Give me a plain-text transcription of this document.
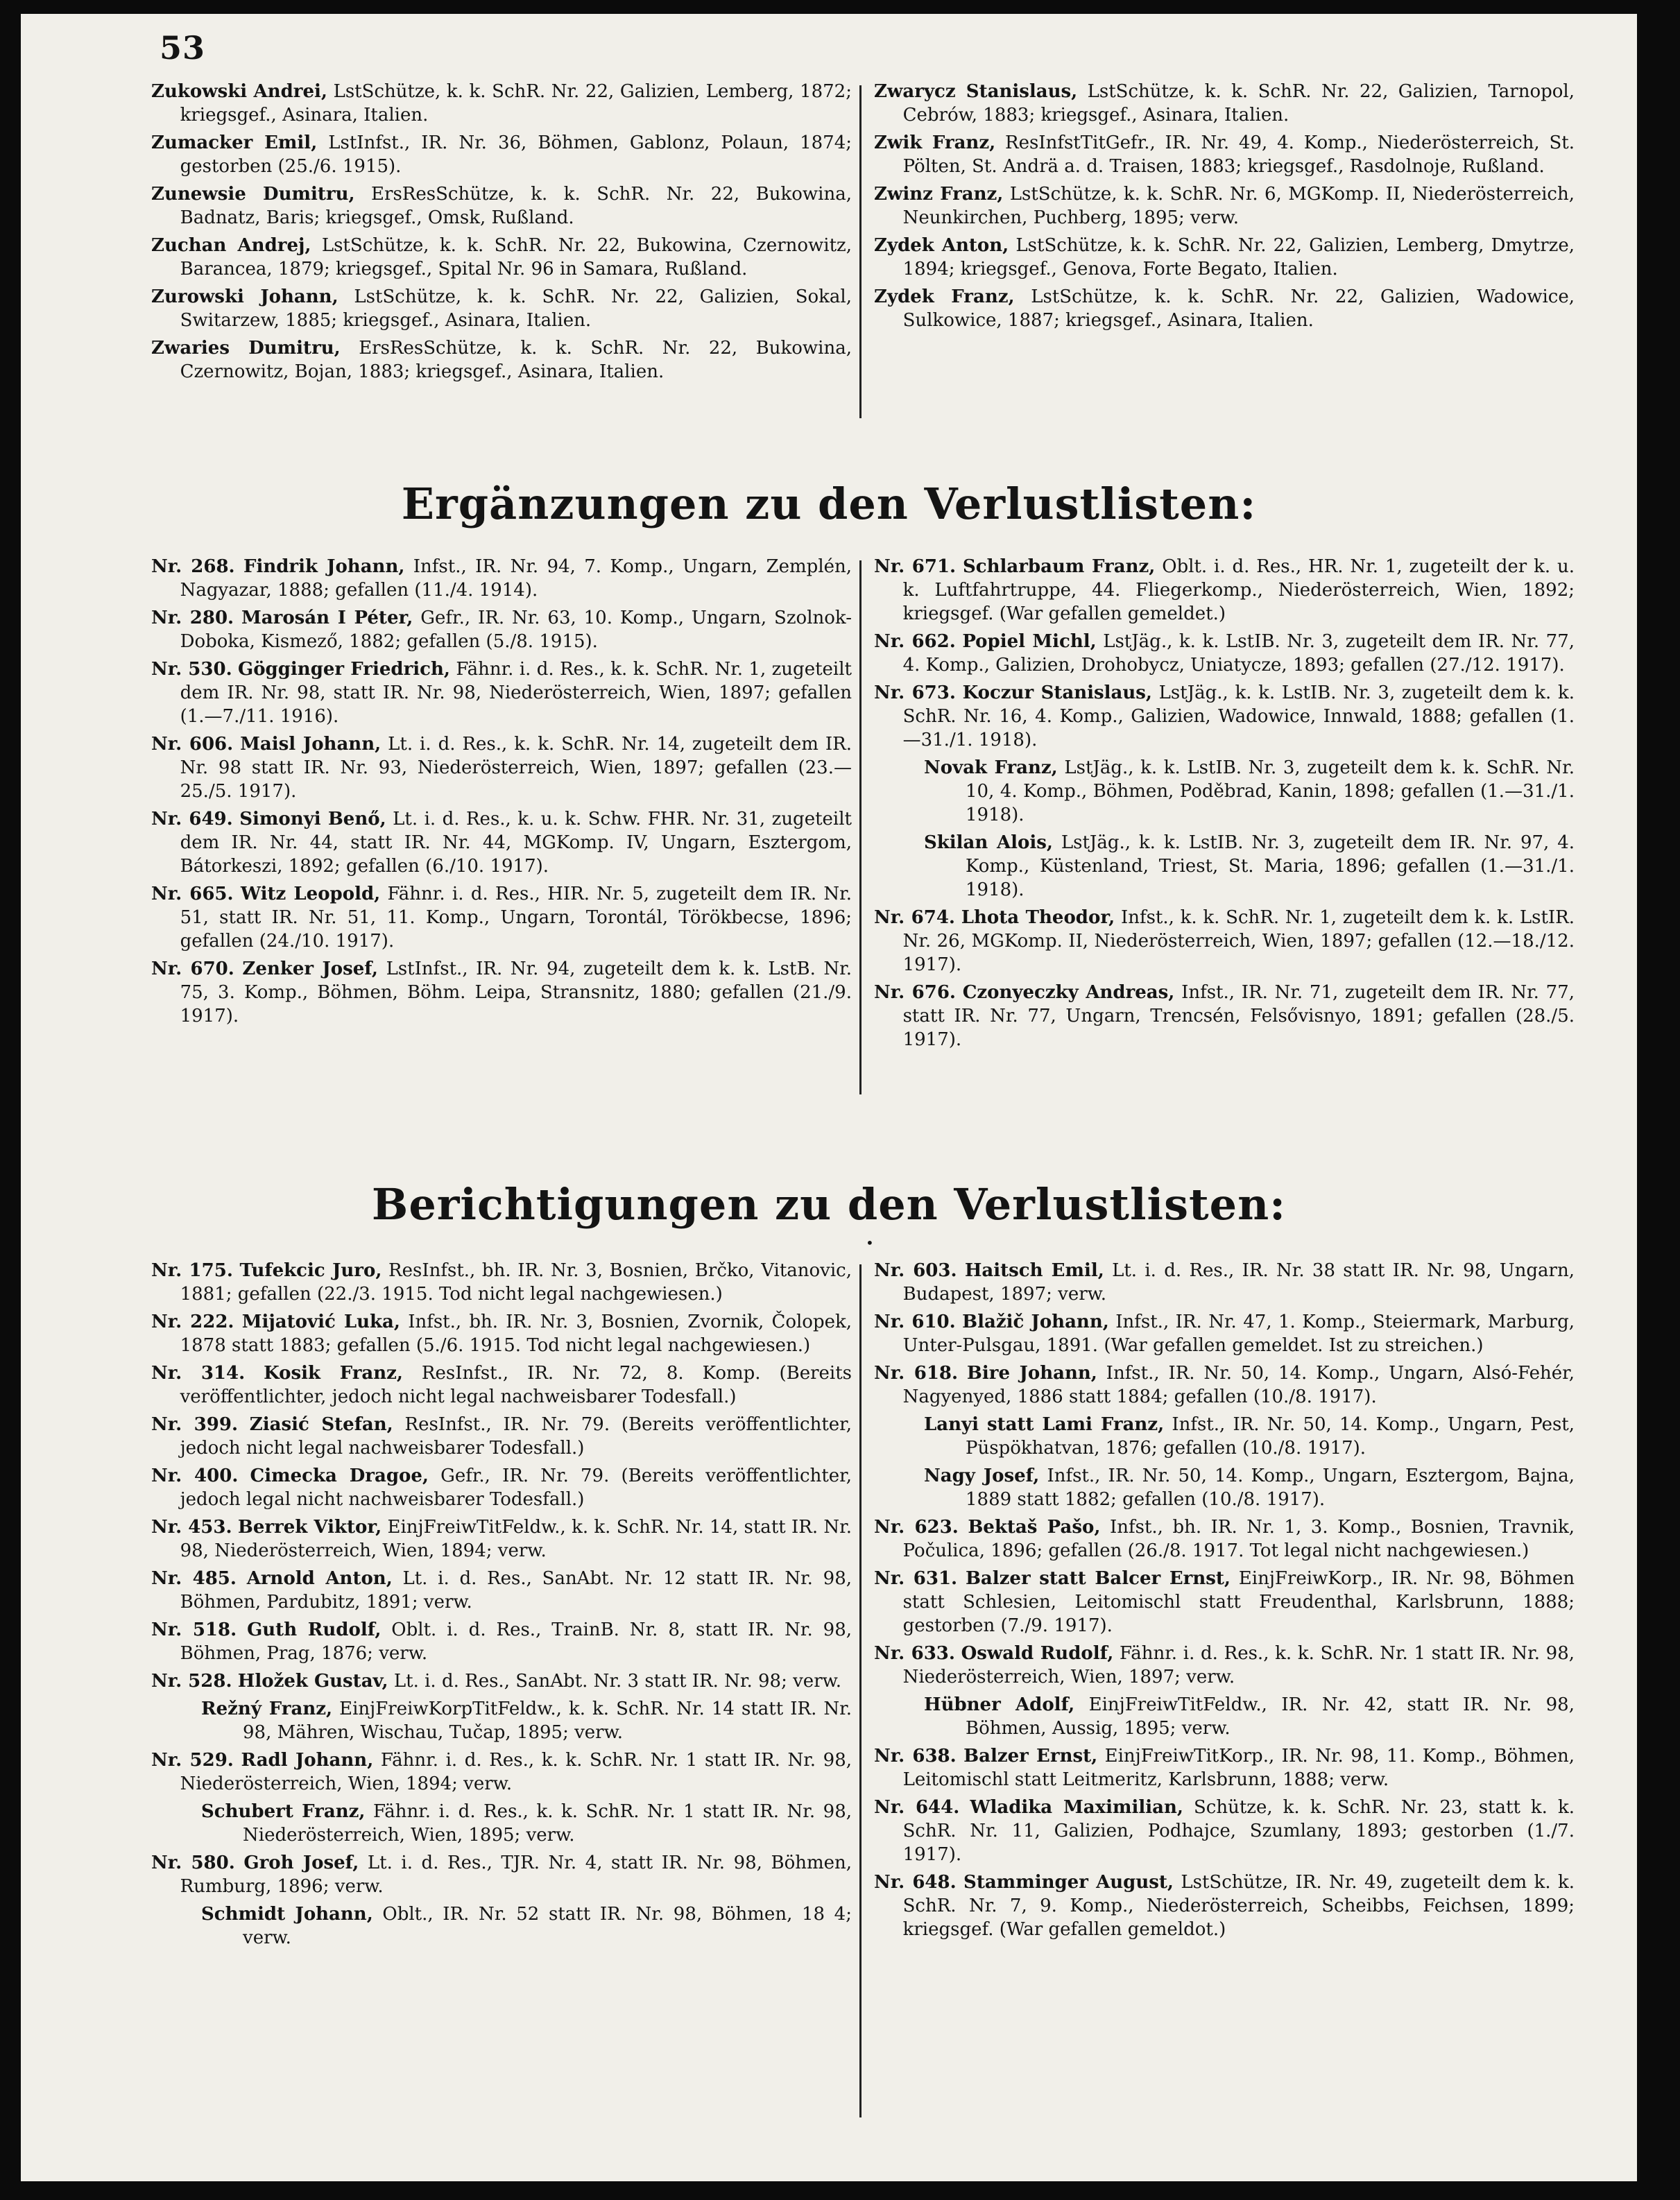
53

Zukowski Andrei, LstSchütze, k. k. SchR. Nr. 22, Galizien, Lemberg, 1872; kriegsgef., Asinara, Italien.

Zumacker Emil, LstInfst., IR. Nr. 36, Böhmen, Gablonz, Polaun, 1874; gestorben (25./6. 1915).

Zunewsie Dumitru, ErsResSchütze, k. k. SchR. Nr. 22, Bukowina, Badnatz, Baris; kriegsgef., Omsk, Rußland.

Zuchan Andrej, LstSchütze, k. k. SchR. Nr. 22, Bukowina, Czernowitz, Barancea, 1879; kriegsgef., Spital Nr. 96 in Samara, Rußland.

Zurowski Johann, LstSchütze, k. k. SchR. Nr. 22, Galizien, Sokal, Switarzew, 1885; kriegsgef., Asinara, Italien.

Zwaries Dumitru, ErsResSchütze, k. k. SchR. Nr. 22, Bukowina, Czernowitz, Bojan, 1883; kriegsgef., Asinara, Italien.

Zwarycz Stanislaus, LstSchütze, k. k. SchR. Nr. 22, Galizien, Tarnopol, Cebrów, 1883; kriegsgef., Asinara, Italien.

Zwik Franz, ResInfstTitGefr., IR. Nr. 49, 4. Komp., Niederösterreich, St. Pölten, St. Andrä a. d. Traisen, 1883; kriegsgef., Rasdolnoje, Rußland.

Zwinz Franz, LstSchütze, k. k. SchR. Nr. 6, MGKomp. II, Niederösterreich, Neunkirchen, Puchberg, 1895; verw.

Zydek Anton, LstSchütze, k. k. SchR. Nr. 22, Galizien, Lemberg, Dmytrze, 1894; kriegsgef., Genova, Forte Begato, Italien.

Zydek Franz, LstSchütze, k. k. SchR. Nr. 22, Galizien, Wadowice, Sulkowice, 1887; kriegsgef., Asinara, Italien.

Ergänzungen zu den Verlustlisten:

Nr. 268. Findrik Johann, Infst., IR. Nr. 94, 7. Komp., Ungarn, Zemplén, Nagyazar, 1888; gefallen (11./4. 1914).

Nr. 280. Marosán I Péter, Gefr., IR. Nr. 63, 10. Komp., Ungarn, Szolnok-Doboka, Kismező, 1882; gefallen (5./8. 1915).

Nr. 530. Gögginger Friedrich, Fähnr. i. d. Res., k. k. SchR. Nr. 1, zugeteilt dem IR. Nr. 98, statt IR. Nr. 98, Niederösterreich, Wien, 1897; gefallen (1.—7./11. 1916).

Nr. 606. Maisl Johann, Lt. i. d. Res., k. k. SchR. Nr. 14, zugeteilt dem IR. Nr. 98 statt IR. Nr. 93, Niederösterreich, Wien, 1897; gefallen (23.—25./5. 1917).

Nr. 649. Simonyi Benő, Lt. i. d. Res., k. u. k. Schw. FHR. Nr. 31, zugeteilt dem IR. Nr. 44, statt IR. Nr. 44, MGKomp. IV, Ungarn, Esztergom, Bátorkeszi, 1892; gefallen (6./10. 1917).

Nr. 665. Witz Leopold, Fähnr. i. d. Res., HIR. Nr. 5, zugeteilt dem IR. Nr. 51, statt IR. Nr. 51, 11. Komp., Ungarn, Torontál, Törökbecse, 1896; gefallen (24./10. 1917).

Nr. 670. Zenker Josef, LstInfst., IR. Nr. 94, zugeteilt dem k. k. LstB. Nr. 75, 3. Komp., Böhmen, Böhm. Leipa, Stransnitz, 1880; gefallen (21./9. 1917).

Nr. 671. Schlarbaum Franz, Oblt. i. d. Res., HR. Nr. 1, zugeteilt der k. u. k. Luftfahrtruppe, 44. Fliegerkomp., Niederösterreich, Wien, 1892; kriegsgef. (War gefallen gemeldet.)

Nr. 662. Popiel Michl, LstJäg., k. k. LstIB. Nr. 3, zugeteilt dem IR. Nr. 77, 4. Komp., Galizien, Drohobycz, Uniatycze, 1893; gefallen (27./12. 1917).

Nr. 673. Koczur Stanislaus, LstJäg., k. k. LstIB. Nr. 3, zugeteilt dem k. k. SchR. Nr. 16, 4. Komp., Galizien, Wadowice, Innwald, 1888; gefallen (1.—31./1. 1918).

Novak Franz, LstJäg., k. k. LstIB. Nr. 3, zugeteilt dem k. k. SchR. Nr. 10, 4. Komp., Böhmen, Poděbrad, Kanin, 1898; gefallen (1.—31./1. 1918).

Skilan Alois, LstJäg., k. k. LstIB. Nr. 3, zugeteilt dem IR. Nr. 97, 4. Komp., Küstenland, Triest, St. Maria, 1896; gefallen (1.—31./1. 1918).

Nr. 674. Lhota Theodor, Infst., k. k. SchR. Nr. 1, zugeteilt dem k. k. LstIR. Nr. 26, MGKomp. II, Niederösterreich, Wien, 1897; gefallen (12.—18./12. 1917).

Nr. 676. Czonyeczky Andreas, Infst., IR. Nr. 71, zugeteilt dem IR. Nr. 77, statt IR. Nr. 77, Ungarn, Trencsén, Felsővisnyo, 1891; gefallen (28./5. 1917).

Berichtigungen zu den Verlustlisten:
•

Nr. 175. Tufekcic Juro, ResInfst., bh. IR. Nr. 3, Bosnien, Brčko, Vitanovic, 1881; gefallen (22./3. 1915. Tod nicht legal nachgewiesen.)

Nr. 222. Mijatović Luka, Infst., bh. IR. Nr. 3, Bosnien, Zvornik, Čolopek, 1878 statt 1883; gefallen (5./6. 1915. Tod nicht legal nachgewiesen.)

Nr. 314. Kosik Franz, ResInfst., IR. Nr. 72, 8. Komp. (Bereits veröffentlichter, jedoch nicht legal nachweisbarer Todesfall.)

Nr. 399. Ziasić Stefan, ResInfst., IR. Nr. 79. (Bereits veröffentlichter, jedoch nicht legal nachweisbarer Todesfall.)

Nr. 400. Cimecka Dragoe, Gefr., IR. Nr. 79. (Bereits veröffentlichter, jedoch legal nicht nachweisbarer Todesfall.)

Nr. 453. Berrek Viktor, EinjFreiwTitFeldw., k. k. SchR. Nr. 14, statt IR. Nr. 98, Niederösterreich, Wien, 1894; verw.

Nr. 485. Arnold Anton, Lt. i. d. Res., SanAbt. Nr. 12 statt IR. Nr. 98, Böhmen, Pardubitz, 1891; verw.

Nr. 518. Guth Rudolf, Oblt. i. d. Res., TrainB. Nr. 8, statt IR. Nr. 98, Böhmen, Prag, 1876; verw.

Nr. 528. Hložek Gustav, Lt. i. d. Res., SanAbt. Nr. 3 statt IR. Nr. 98; verw.

Režný Franz, EinjFreiwKorpTitFeldw., k. k. SchR. Nr. 14 statt IR. Nr. 98, Mähren, Wischau, Tučap, 1895; verw.

Nr. 529. Radl Johann, Fähnr. i. d. Res., k. k. SchR. Nr. 1 statt IR. Nr. 98, Niederösterreich, Wien, 1894; verw.

Schubert Franz, Fähnr. i. d. Res., k. k. SchR. Nr. 1 statt IR. Nr. 98, Niederösterreich, Wien, 1895; verw.

Nr. 580. Groh Josef, Lt. i. d. Res., TJR. Nr. 4, statt IR. Nr. 98, Böhmen, Rumburg, 1896; verw.

Schmidt Johann, Oblt., IR. Nr. 52 statt IR. Nr. 98, Böhmen, 18 4; verw.

Nr. 603. Haitsch Emil, Lt. i. d. Res., IR. Nr. 38 statt IR. Nr. 98, Ungarn, Budapest, 1897; verw.

Nr. 610. Blažič Johann, Infst., IR. Nr. 47, 1. Komp., Steiermark, Marburg, Unter-Pulsgau, 1891. (War gefallen gemeldet. Ist zu streichen.)

Nr. 618. Bire Johann, Infst., IR. Nr. 50, 14. Komp., Ungarn, Alsó-Fehér, Nagyenyed, 1886 statt 1884; gefallen (10./8. 1917).

Lanyi statt Lami Franz, Infst., IR. Nr. 50, 14. Komp., Ungarn, Pest, Püspökhatvan, 1876; gefallen (10./8. 1917).

Nagy Josef, Infst., IR. Nr. 50, 14. Komp., Ungarn, Esztergom, Bajna, 1889 statt 1882; gefallen (10./8. 1917).

Nr. 623. Bektaš Pašo, Infst., bh. IR. Nr. 1, 3. Komp., Bosnien, Travnik, Počulica, 1896; gefallen (26./8. 1917. Tot legal nicht nachgewiesen.)

Nr. 631. Balzer statt Balcer Ernst, EinjFreiwKorp., IR. Nr. 98, Böhmen statt Schlesien, Leitomischl statt Freudenthal, Karlsbrunn, 1888; gestorben (7./9. 1917).

Nr. 633. Oswald Rudolf, Fähnr. i. d. Res., k. k. SchR. Nr. 1 statt IR. Nr. 98, Niederösterreich, Wien, 1897; verw.

Hübner Adolf, EinjFreiwTitFeldw., IR. Nr. 42, statt IR. Nr. 98, Böhmen, Aussig, 1895; verw.

Nr. 638. Balzer Ernst, EinjFreiwTitKorp., IR. Nr. 98, 11. Komp., Böhmen, Leitomischl statt Leitmeritz, Karlsbrunn, 1888; verw.

Nr. 644. Wladika Maximilian, Schütze, k. k. SchR. Nr. 23, statt k. k. SchR. Nr. 11, Galizien, Podhajce, Szumlany, 1893; gestorben (1./7. 1917).

Nr. 648. Stamminger August, LstSchütze, IR. Nr. 49, zugeteilt dem k. k. SchR. Nr. 7, 9. Komp., Niederösterreich, Scheibbs, Feichsen, 1899; kriegsgef. (War gefallen gemeldot.)
